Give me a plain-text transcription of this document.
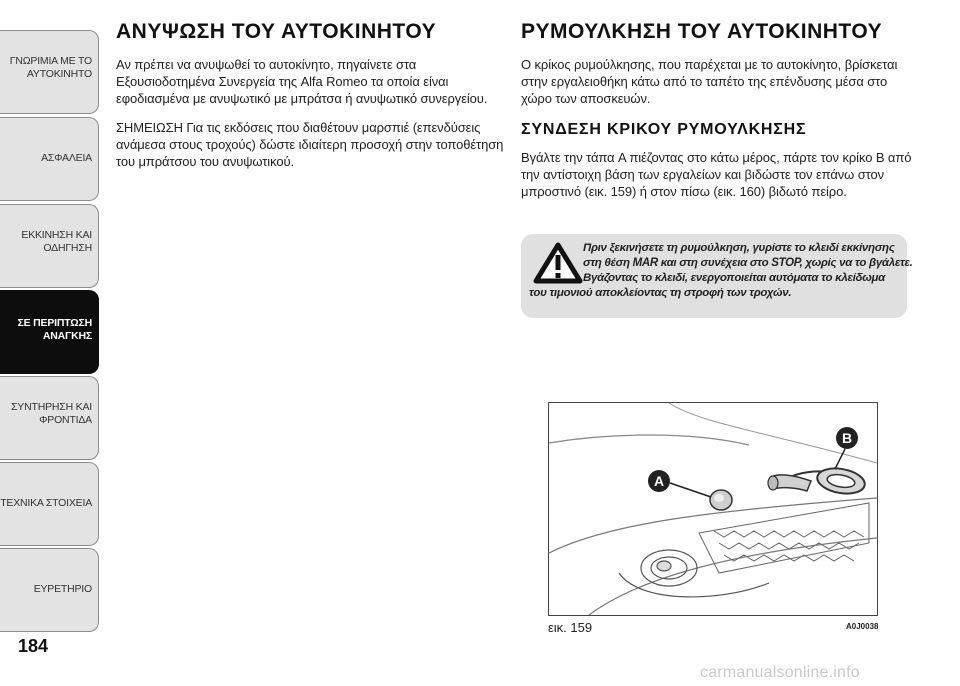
ΓΝΩΡΙΜΙΑ ΜΕ ΤΟ
ΑΥΤΟΚΙΝΗΤΟ
ΑΣΦΑΛΕΙΑ
ΕΚΚΙΝΗΣΗ ΚΑΙ
ΟΔΗΓΗΣΗ
ΣΕ ΠΕΡΙΠΤΩΣΗ
ΑΝΑΓΚΗΣ
ΣΥΝΤΗΡΗΣΗ ΚΑΙ
ΦΡΟΝΤΙΔΑ
ΤΕΧΝΙΚΑ ΣΤΟΙΧΕΙΑ
ΕΥΡΕΤΗΡΙΟ
184
ΑΝΥΨΩΣΗ ΤΟΥ ΑΥΤΟΚΙΝΗΤΟΥ

Αν πρέπει να ανυψωθεί το αυτοκίνητο, πηγαίνετε στα Εξουσιοδοτημένα Συνεργεία της Alfa Romeo τα οποία είναι εφοδιασμένα με ανυψωτικό με μπράτσα ή ανυψωτικό συνεργείου.

ΣΗΜΕΙΩΣΗ Για τις εκδόσεις που διαθέτουν μαρσπιέ (επενδύσεις ανάμεσα στους τροχούς) δώστε ιδιαίτερη προσοχή στην τοποθέτηση του μπράτσου του ανυψωτικού.

ΡΥΜΟΥΛΚΗΣΗ ΤΟΥ ΑΥΤΟΚΙΝΗΤΟΥ

Ο κρίκος ρυμούλκησης, που παρέχεται με το αυτοκίνητο, βρίσκεται στην εργαλειοθήκη κάτω από το ταπέτο της επένδυσης μέσα στο χώρο των αποσκευών.

ΣΥΝΔΕΣΗ ΚΡΙΚΟΥ ΡΥΜΟΥΛΚΗΣΗΣ

Βγάλτε την τάπα A πιέζοντας στο κάτω μέρος, πάρτε τον κρίκο B από την αντίστοιχη βάση των εργαλείων και βιδώστε τον επάνω στον μπροστινό (εικ. 159) ή στον πίσω (εικ. 160) βιδωτό πείρο.

Πριν ξεκινήσετε τη ρυμούλκηση, γυρίστε το κλειδί εκκίνησης
στη θέση MAR και στη συνέχεια στο STOP, χωρίς να το βγάλετε.
Βγάζοντας το κλειδί, ενεργοποιείται αυτόματα το κλείδωμα
του τιμονιού αποκλείοντας τη στροφή των τροχών.
A
B
εικ. 159	A0J0038
carmanualsonline.info
